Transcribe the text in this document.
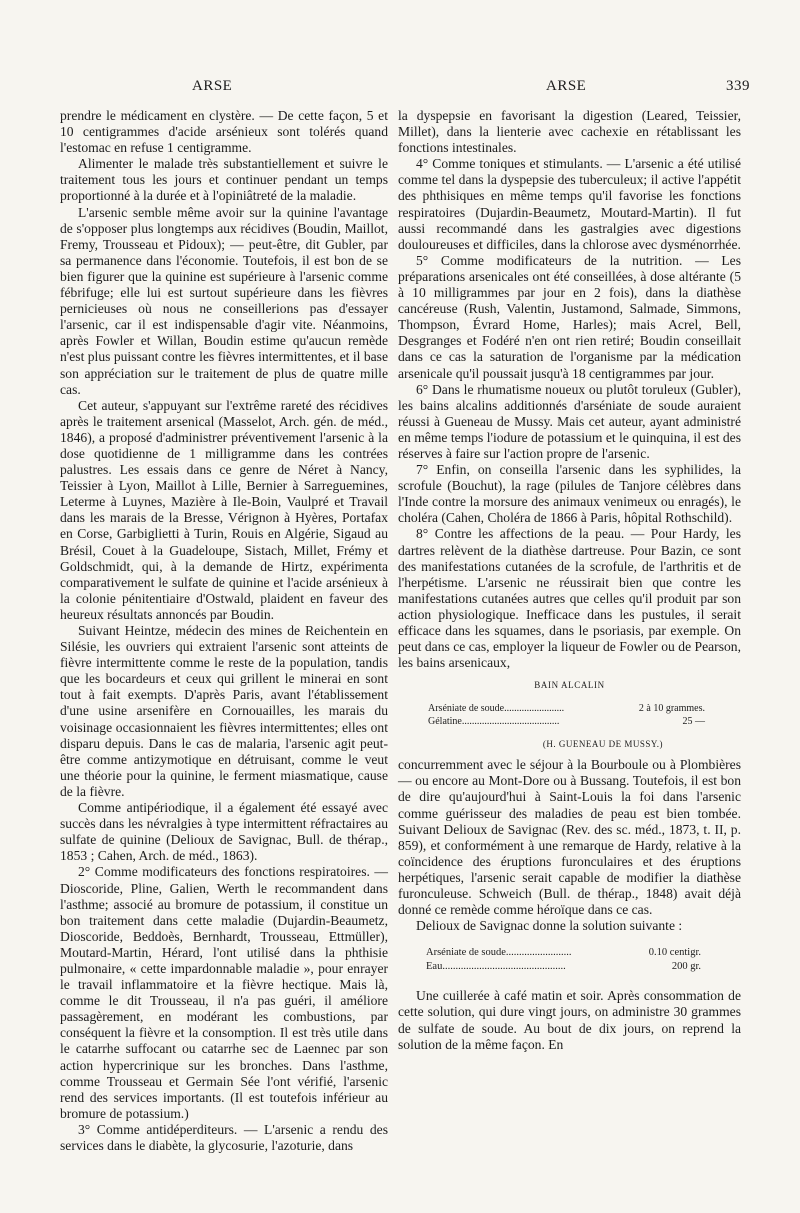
ARSE	ARSE	339

prendre le médicament en clystère. — De cette façon, 5 et 10 centigrammes d'acide arsénieux sont tolérés quand l'estomac en refuse 1 centigramme.

Alimenter le malade très substantiellement et suivre le traitement tous les jours et continuer pendant un temps proportionné à la durée et à l'opiniâtreté de la maladie.

L'arsenic semble même avoir sur la quinine l'avantage de s'opposer plus longtemps aux récidives (Boudin, Maillot, Fremy, Trousseau et Pidoux); — peut-être, dit Gubler, par sa permanence dans l'économie. Toutefois, il est bon de se bien figurer que la quinine est supérieure à l'arsenic comme fébrifuge; elle lui est surtout supérieure dans les fièvres pernicieuses où nous ne conseillerions pas d'essayer l'arsenic, car il est indispensable d'agir vite. Néanmoins, après Fowler et Willan, Boudin estime qu'aucun remède n'est plus puissant contre les fièvres intermittentes, et il base son appréciation sur le traitement de plus de quatre mille cas.

Cet auteur, s'appuyant sur l'extrême rareté des récidives après le traitement arsenical (Masselot, Arch. gén. de méd., 1846), a proposé d'administrer préventivement l'arsenic à la dose quotidienne de 1 milligramme dans les contrées palustres. Les essais dans ce genre de Néret à Nancy, Teissier à Lyon, Maillot à Lille, Bernier à Sarreguemines, Leterme à Luynes, Mazière à Ile-Boin, Vaulpré et Travail dans les marais de la Bresse, Vérignon à Hyères, Portafax en Corse, Garbiglietti à Turin, Rouis en Algérie, Sigaud au Brésil, Couet à la Guadeloupe, Sistach, Millet, Frémy et Goldschmidt, qui, à la demande de Hirtz, expérimenta comparativement le sulfate de quinine et l'acide arsénieux à la colonie pénitentiaire d'Ostwald, plaident en faveur des heureux résultats annoncés par Boudin.

Suivant Heintze, médecin des mines de Reichentein en Silésie, les ouvriers qui extraient l'arsenic sont atteints de fièvre intermittente comme le reste de la population, tandis que les bocardeurs et ceux qui grillent le minerai en sont tout à fait exempts. D'après Paris, avant l'établissement d'une usine arsenifère en Cornouailles, les marais du voisinage occasionnaient les fièvres intermittentes; elles ont disparu depuis. Dans le cas de malaria, l'arsenic agit peut-être comme antizymotique en détruisant, comme le veut une théorie pour la quinine, le ferment miasmatique, cause de la fièvre.

Comme antipériodique, il a également été essayé avec succès dans les névralgies à type intermittent réfractaires au sulfate de quinine (Delioux de Savignac, Bull. de thérap., 1853 ; Cahen, Arch. de méd., 1863).

2° Comme modificateurs des fonctions respiratoires. — Dioscoride, Pline, Galien, Werth le recommandent dans l'asthme; associé au bromure de potassium, il constitue un bon traitement dans cette maladie (Dujardin-Beaumetz, Dioscoride, Beddoès, Bernhardt, Trousseau, Ettmüller), Moutard-Martin, Hérard, l'ont utilisé dans la phthisie pulmonaire, « cette impardonnable maladie », pour enrayer le travail inflammatoire et la fièvre hectique. Mais là, comme le dit Trousseau, il n'a pas guéri, il améliore passagèrement, en modérant les combustions, par conséquent la fièvre et la consomption. Il est très utile dans le catarrhe suffocant ou catarrhe sec de Laennec par son action hypercrinique sur les bronches. Dans l'asthme, comme Trousseau et Germain Sée l'ont vérifié, l'arsenic rend des services importants. (Il est toutefois inférieur au bromure de potassium.)

3° Comme antidéperditeurs. — L'arsenic a rendu des services dans le diabète, la glycosurie, l'azoturie, dans

la dyspepsie en favorisant la digestion (Leared, Teissier, Millet), dans la lienterie avec cachexie en rétablissant les fonctions intestinales.

4° Comme toniques et stimulants. — L'arsenic a été utilisé comme tel dans la dyspepsie des tuberculeux; il active l'appétit des phthisiques en même temps qu'il favorise les fonctions respiratoires (Dujardin-Beaumetz, Moutard-Martin). Il fut aussi recommandé dans les gastralgies avec digestions douloureuses et difficiles, dans la chlorose avec dysménorrhée.

5° Comme modificateurs de la nutrition. — Les préparations arsenicales ont été conseillées, à dose altérante (5 à 10 milligrammes par jour en 2 fois), dans la diathèse cancéreuse (Rush, Valentin, Justamond, Salmade, Simmons, Thompson, Évrard Home, Harles); mais Acrel, Bell, Desgranges et Fodéré n'en ont rien retiré; Boudin conseillait dans ce cas la saturation de l'organisme par la médication arsenicale qu'il poussait jusqu'à 18 centigrammes par jour.

6° Dans le rhumatisme noueux ou plutôt toruleux (Gubler), les bains alcalins additionnés d'arséniate de soude auraient réussi à Gueneau de Mussy. Mais cet auteur, ayant administré en même temps l'iodure de potassium et le quinquina, il est des réserves à faire sur l'action propre de l'arsenic.

7° Enfin, on conseilla l'arsenic dans les syphilides, la scrofule (Bouchut), la rage (pilules de Tanjore célèbres dans l'Inde contre la morsure des animaux venimeux ou enragés), le choléra (Cahen, Choléra de 1866 à Paris, hôpital Rothschild).

8° Contre les affections de la peau. — Pour Hardy, les dartres relèvent de la diathèse dartreuse. Pour Bazin, ce sont des manifestations cutanées de la scrofule, de l'arthritis et de l'herpétisme. L'arsenic ne réussirait bien que contre les manifestations cutanées autres que celles qu'il produit par son action physiologique. Inefficace dans les pustules, il serait efficace dans les squames, dans le psoriasis, par exemple. On peut dans ce cas, employer la liqueur de Fowler ou de Pearson, les bains arsenicaux,

BAIN ALCALIN
Arséniate de soude........................	2 à 10 grammes.
Gélatine.......................................	25 —
(H. GUENEAU DE MUSSY.)

concurremment avec le séjour à la Bourboule ou à Plombières — ou encore au Mont-Dore ou à Bussang. Toutefois, il est bon de dire qu'aujourd'hui à Saint-Louis la foi dans l'arsenic comme guérisseur des maladies de peau est bien tombée. Suivant Delioux de Savignac (Rev. des sc. méd., 1873, t. II, p. 859), et conformément à une remarque de Hardy, relative à la coïncidence des éruptions furonculaires et des éruptions herpétiques, l'arsenic serait capable de modifier la diathèse furonculeuse. Schweich (Bull. de thérap., 1848) avait déjà donné ce remède comme héroïque dans ce cas.

Delioux de Savignac donne la solution suivante :

Arséniate de soude.........................	0.10 centigr.
Eau...............................................	200 gr.

Une cuillerée à café matin et soir. Après consommation de cette solution, qui dure vingt jours, on administre 30 grammes de sulfate de soude. Au bout de dix jours, on reprend la solution de la même façon. En
